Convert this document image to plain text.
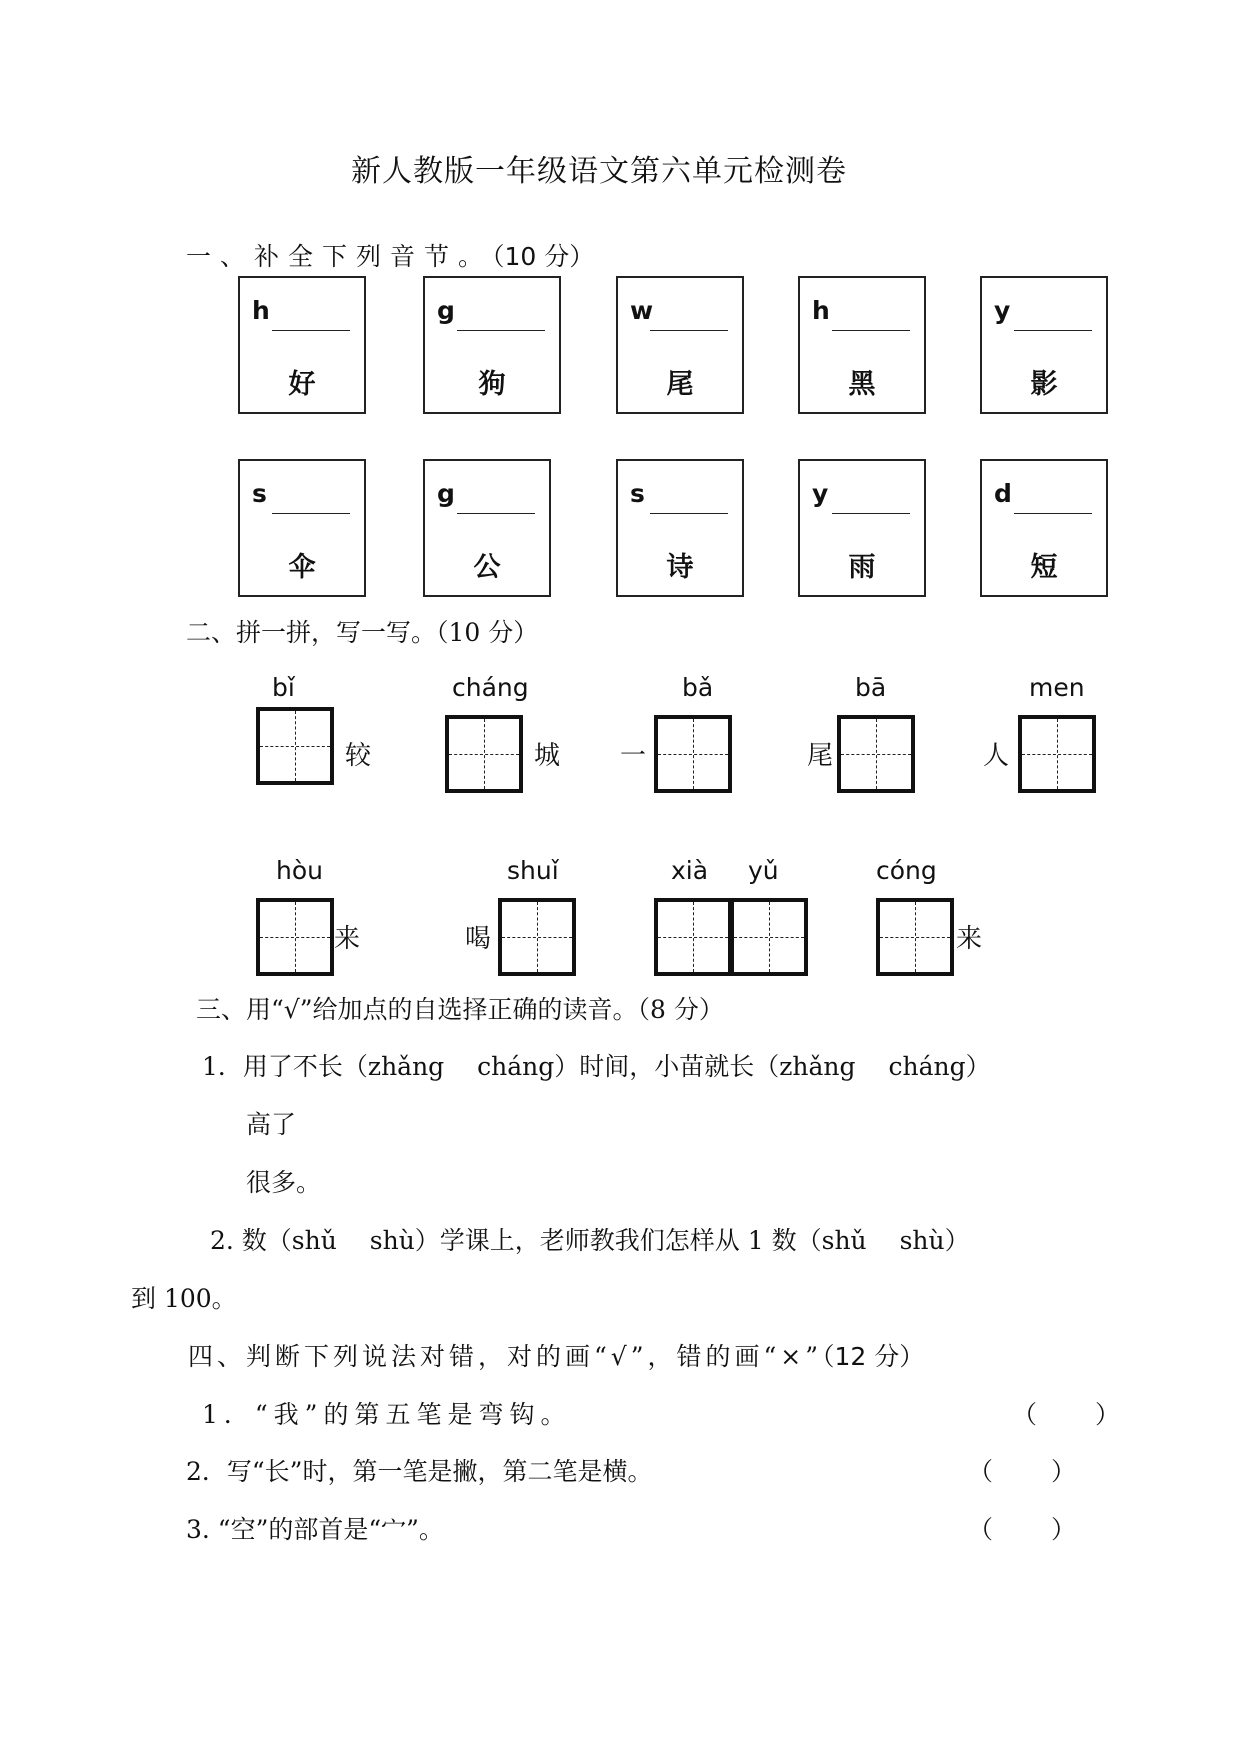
新人教版一年级语文第六单元检测卷
一、补全下列音节。（10 分）
h
好
g
狗
w
尾
h
黑
y
影
s
伞
g
公
s
诗
y
雨
d
短
二、拼一拼，写一写。（10 分）
bǐ
较
cháng
城
bǎ
一
bā
尾
men
人
hòu
来
shuǐ
喝
xià yǔ	cóng
来
三、用“√”给加点的自选择正确的读音。（8 分）
1．用了不长（zhǎng　 cháng）时间，小苗就长（zhǎng　 cháng）
高了
很多。
2. 数（shǔ　 shù）学课上，老师教我们怎样从 1 数（shǔ　 shù）
到 100。
四、判断下列说法对错，对的画“√”，错的画“×”（12 分）
1．“我”的第五笔是弯钩。	（　　 ）
2．写“长”时，第一笔是撇，第二笔是横。	（　　 ）
3. “空”的部首是“宀”。	（　　 ）
